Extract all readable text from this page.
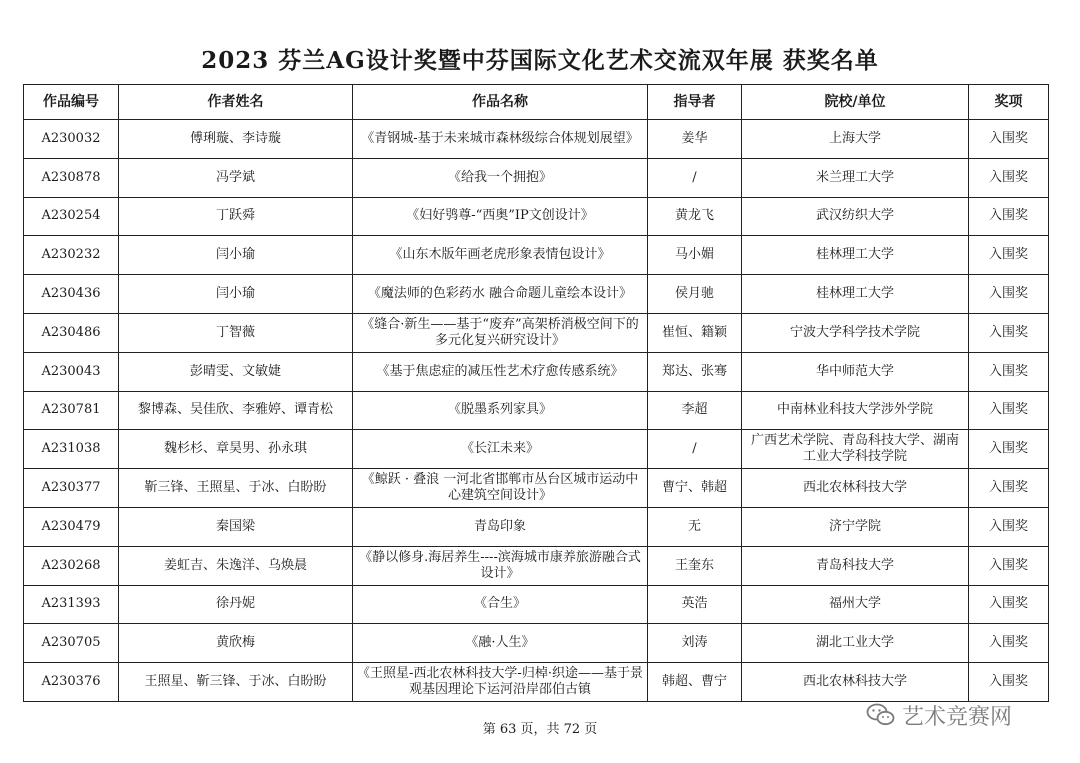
2023 芬兰AG设计奖暨中芬国际文化艺术交流双年展 获奖名单
作品编号	作者姓名	作品名称	指导者	院校/单位	奖项
A230032	傅琍璇、李诗璇	《青钢城-基于未来城市森林级综合体规划展望》	姜华	上海大学	入围奖
A230878	冯学斌	《给我一个拥抱》	/	米兰理工大学	入围奖
A230254	丁跃舜	《妇好鸮尊-“西奥”IP文创设计》	黄龙飞	武汉纺织大学	入围奖
A230232	闫小瑜	《山东木版年画老虎形象表情包设计》	马小媚	桂林理工大学	入围奖
A230436	闫小瑜	《魔法师的色彩药水 融合命题儿童绘本设计》	侯月驰	桂林理工大学	入围奖
A230486	丁智薇	《缝合·新生——基于“废弃”高架桥消极空间下的多元化复兴研究设计》	崔恒、籍颖	宁波大学科学技术学院	入围奖
A230043	彭晴雯、文敏婕	《基于焦虑症的减压性艺术疗愈传感系统》	郑达、张骞	华中师范大学	入围奖
A230781	黎博森、吴佳欣、李雅婷、谭青松	《脱墨系列家具》	李超	中南林业科技大学涉外学院	入围奖
A231038	魏杉杉、章昊男、孙永琪	《长江未来》	/	广西艺术学院、青岛科技大学、湖南工业大学科技学院	入围奖
A230377	靳三锋、王照星、于冰、白盼盼	《鲸跃 · 叠浪 一河北省邯郸市丛台区城市运动中心建筑空间设计》	曹宁、韩超	西北农林科技大学	入围奖
A230479	秦国梁	青岛印象	无	济宁学院	入围奖
A230268	姜虹吉、朱逸洋、乌焕晨	《静以修身.海居养生----滨海城市康养旅游融合式设计》	王奎东	青岛科技大学	入围奖
A231393	徐丹妮	《合生》	英浩	福州大学	入围奖
A230705	黄欣梅	《融·人生》	刘涛	湖北工业大学	入围奖
A230376	王照星、靳三锋、于冰、白盼盼	《王照星-西北农林科技大学-归棹·织途——基于景观基因理论下运河沿岸邵伯古镇	韩超、曹宁	西北农林科技大学	入围奖
第 63 页，共 72 页	艺术竞赛网
